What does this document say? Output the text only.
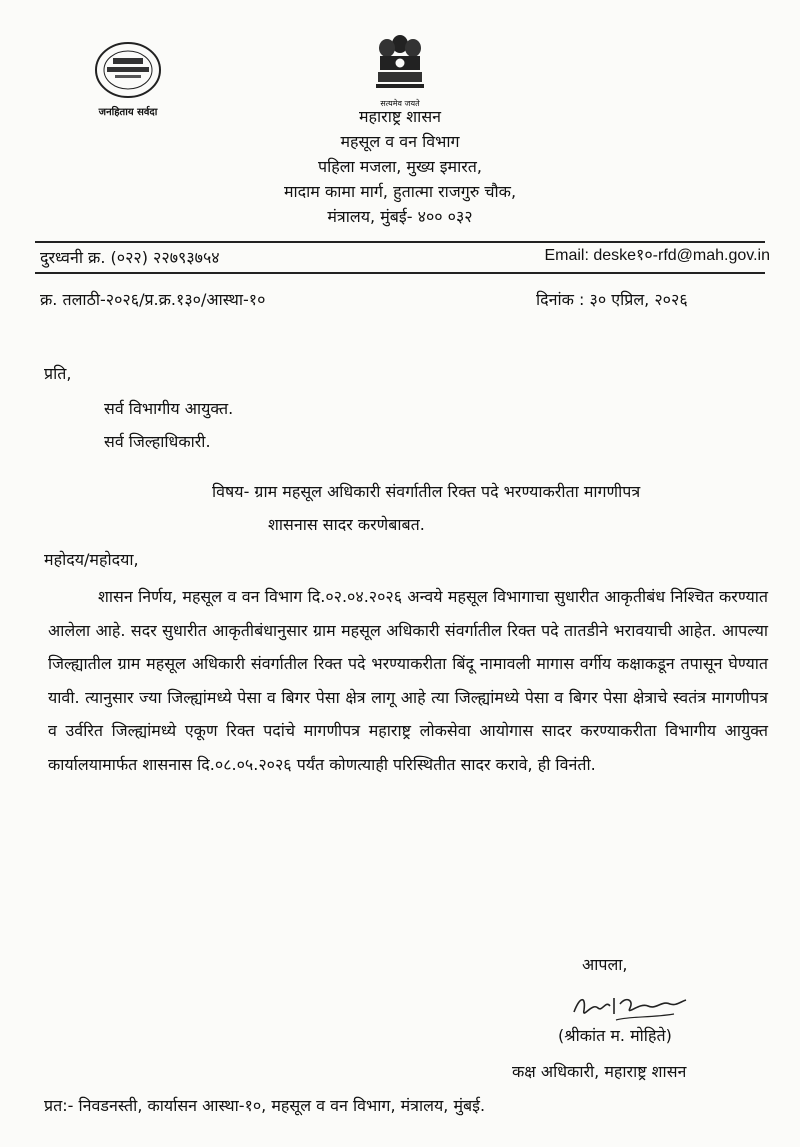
जनहिताय सर्वदा
सत्यमेव जयते
महाराष्ट्र शासन
महसूल व वन विभाग
पहिला मजला, मुख्य इमारत,
मादाम कामा मार्ग, हुतात्मा राजगुरु चौक,
मंत्रालय, मुंबई- ४०० ०३२
दुरध्वनी क्र. (०२२) २२७९३७५४	Email: deske१०-rfd@mah.gov.in
क्र. तलाठी-२०२६/प्र.क्र.१३०/आस्था-१०	दिनांक : ३० एप्रिल, २०२६
प्रति,
सर्व विभागीय आयुक्त.
सर्व जिल्हाधिकारी.
विषय- ग्राम महसूल अधिकारी संवर्गातील रिक्त पदे भरण्याकरीता मागणीपत्र
शासनास सादर करणेबाबत.
महोदय/महोदया,
शासन निर्णय, महसूल व वन विभाग दि.०२.०४.२०२६ अन्वये महसूल विभागाचा सुधारीत आकृतीबंध निश्चित करण्यात आलेला आहे. सदर सुधारीत आकृतीबंधानुसार ग्राम महसूल अधिकारी संवर्गातील रिक्त पदे तातडीने भरावयाची आहेत. आपल्या जिल्ह्यातील ग्राम महसूल अधिकारी संवर्गातील रिक्त पदे भरण्याकरीता बिंदू नामावली मागास वर्गीय कक्षाकडून तपासून घेण्यात यावी. त्यानुसार ज्या जिल्ह्यांमध्ये पेसा व बिगर पेसा क्षेत्र लागू आहे त्या जिल्ह्यांमध्ये पेसा व बिगर पेसा क्षेत्राचे स्वतंत्र मागणीपत्र व उर्वरित जिल्ह्यांमध्ये एकूण रिक्त पदांचे मागणीपत्र महाराष्ट्र लोकसेवा आयोगास सादर करण्याकरीता विभागीय आयुक्त कार्यालयामार्फत शासनास दि.०८.०५.२०२६ पर्यंत कोणत्याही परिस्थितीत सादर करावे, ही विनंती.
आपला,
(श्रीकांत म. मोहिते)
कक्ष अधिकारी, महाराष्ट्र शासन
प्रत:- निवडनस्ती, कार्यासन आस्था-१०, महसूल व वन विभाग, मंत्रालय, मुंबई.
